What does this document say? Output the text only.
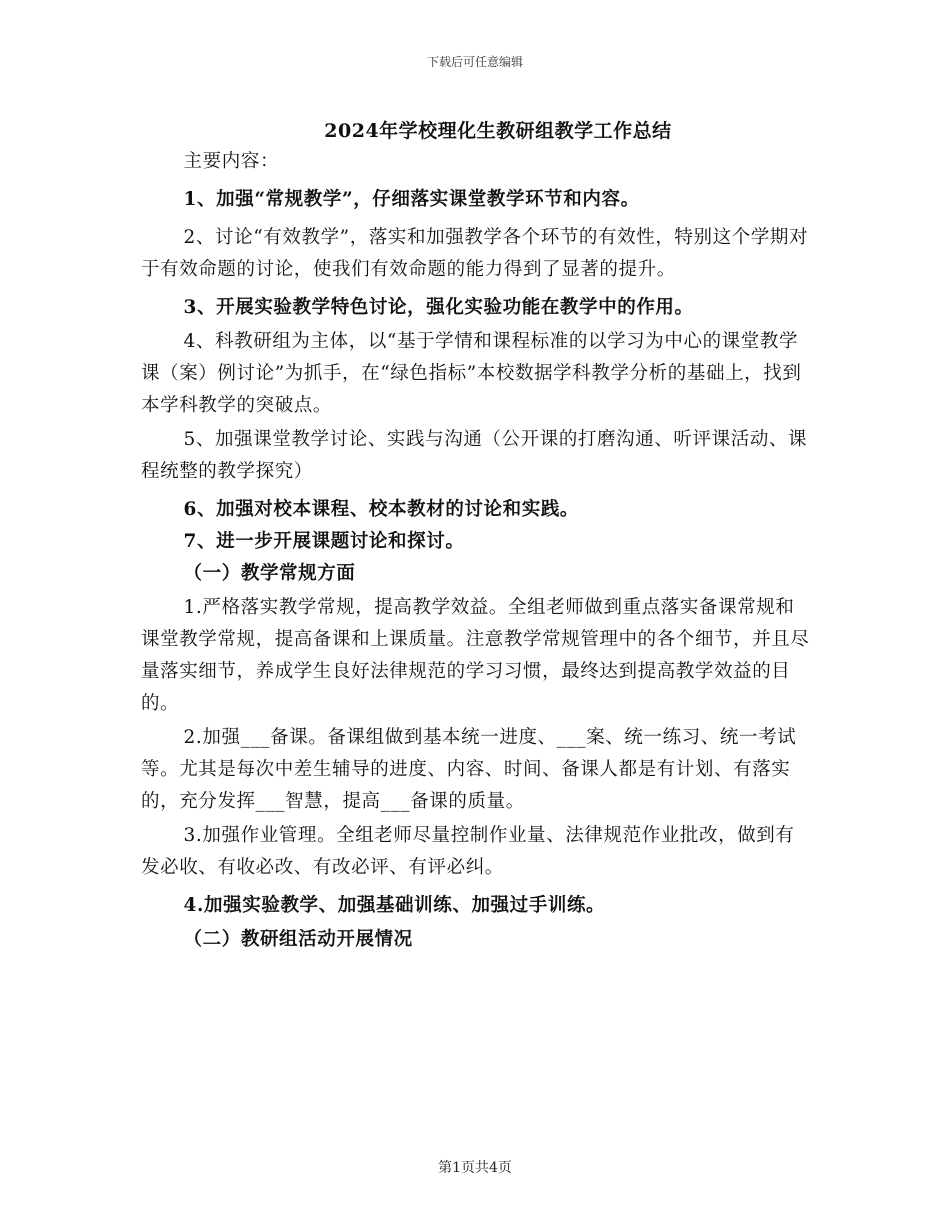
下载后可任意编辑
2024年学校理化生教研组教学工作总结

主要内容：

1、加强“常规教学”，仔细落实课堂教学环节和内容。

2、讨论“有效教学”，落实和加强教学各个环节的有效性，特别这个学期对于有效命题的讨论，使我们有效命题的能力得到了显著的提升。

3、开展实验教学特色讨论，强化实验功能在教学中的作用。

4、科教研组为主体，以“基于学情和课程标准的以学习为中心的课堂教学课（案）例讨论”为抓手，在“绿色指标”本校数据学科教学分析的基础上，找到本学科教学的突破点。

5、加强课堂教学讨论、实践与沟通（公开课的打磨沟通、听评课活动、课程统整的教学探究）

6、加强对校本课程、校本教材的讨论和实践。

7、进一步开展课题讨论和探讨。

（一）教学常规方面

1.严格落实教学常规，提高教学效益。全组老师做到重点落实备课常规和课堂教学常规，提高备课和上课质量。注意教学常规管理中的各个细节，并且尽量落实细节，养成学生良好法律规范的学习习惯，最终达到提高教学效益的目的。

2.加强___备课。备课组做到基本统一进度、___案、统一练习、统一考试等。尤其是每次中差生辅导的进度、内容、时间、备课人都是有计划、有落实的，充分发挥___智慧，提高___备课的质量。

3.加强作业管理。全组老师尽量控制作业量、法律规范作业批改，做到有发必收、有收必改、有改必评、有评必纠。

4.加强实验教学、加强基础训练、加强过手训练。

（二）教研组活动开展情况

第1页共4页
